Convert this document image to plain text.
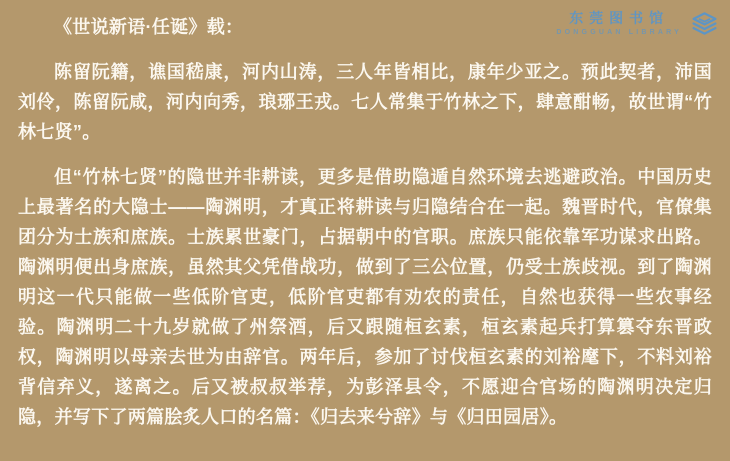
东莞图书馆
DONGGUAN LIBRARY

《世说新语·任诞》载：

陈留阮籍，谯国嵇康，河内山涛，三人年皆相比，康年少亚之。预此契者，沛国刘伶，陈留阮咸，河内向秀，琅琊王戎。七人常集于竹林之下，肆意酣畅，故世谓“竹林七贤”。

但“竹林七贤”的隐世并非耕读，更多是借助隐遁自然环境去逃避政治。中国历史上最著名的大隐士——陶渊明，才真正将耕读与归隐结合在一起。魏晋时代，官僚集团分为士族和庶族。士族累世豪门，占据朝中的官职。庶族只能依靠军功谋求出路。陶渊明便出身庶族，虽然其父凭借战功，做到了三公位置，仍受士族歧视。到了陶渊明这一代只能做一些低阶官吏，低阶官吏都有劝农的责任，自然也获得一些农事经验。陶渊明二十九岁就做了州祭酒，后又跟随桓玄素，桓玄素起兵打算篡夺东晋政权，陶渊明以母亲去世为由辞官。两年后，参加了讨伐桓玄素的刘裕麾下，不料刘裕背信弃义，遂离之。后又被叔叔举荐，为彭泽县令，不愿迎合官场的陶渊明决定归隐，并写下了两篇脍炙人口的名篇：《归去来兮辞》与《归田园居》。
